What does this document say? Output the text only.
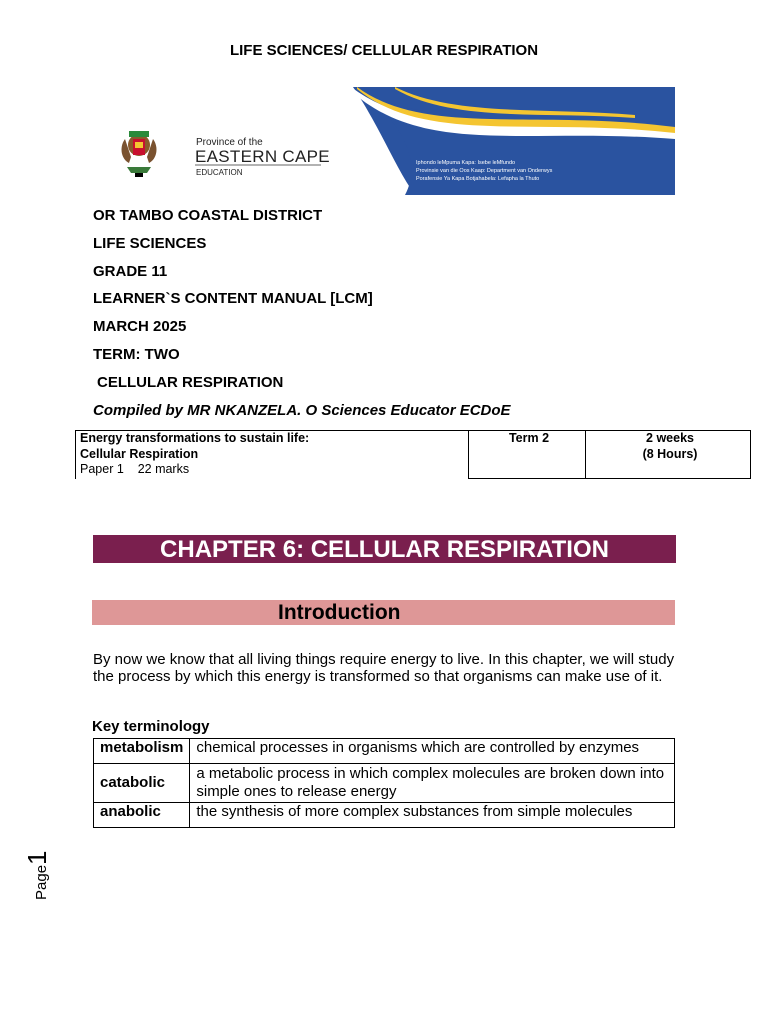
LIFE SCIENCES/ CELLULAR RESPIRATION
Province of the
EASTERN CAPE
EDUCATION
Iphondo leMpuma Kapa: Isebe leMfundo
Provinsie van die Oos Kaap: Department van Onderwys
Porafensie Ya Kapa Botjahabela: Lefapha la Thuto
OR TAMBO COASTAL DISTRICT
LIFE SCIENCES
GRADE 11
LEARNER`S CONTENT MANUAL [LCM]
MARCH 2025
TERM: TWO
CELLULAR RESPIRATION
Compiled by MR NKANZELA. O Sciences Educator ECDoE
Energy transformations to sustain life:
Cellular Respiration
Paper 1 22 marks
	Term 2	2 weeks
(8 Hours)
CHAPTER 6: CELLULAR RESPIRATION
Introduction
By now we know that all living things require energy to live. In this chapter, we will study the process by which this energy is transformed so that organisms can make use of it.
Key terminology
metabolism	chemical processes in organisms which are controlled by enzymes
catabolic	a metabolic process in which complex molecules are broken down into simple ones to release energy
anabolic	the synthesis of more complex substances from simple molecules
Page1
